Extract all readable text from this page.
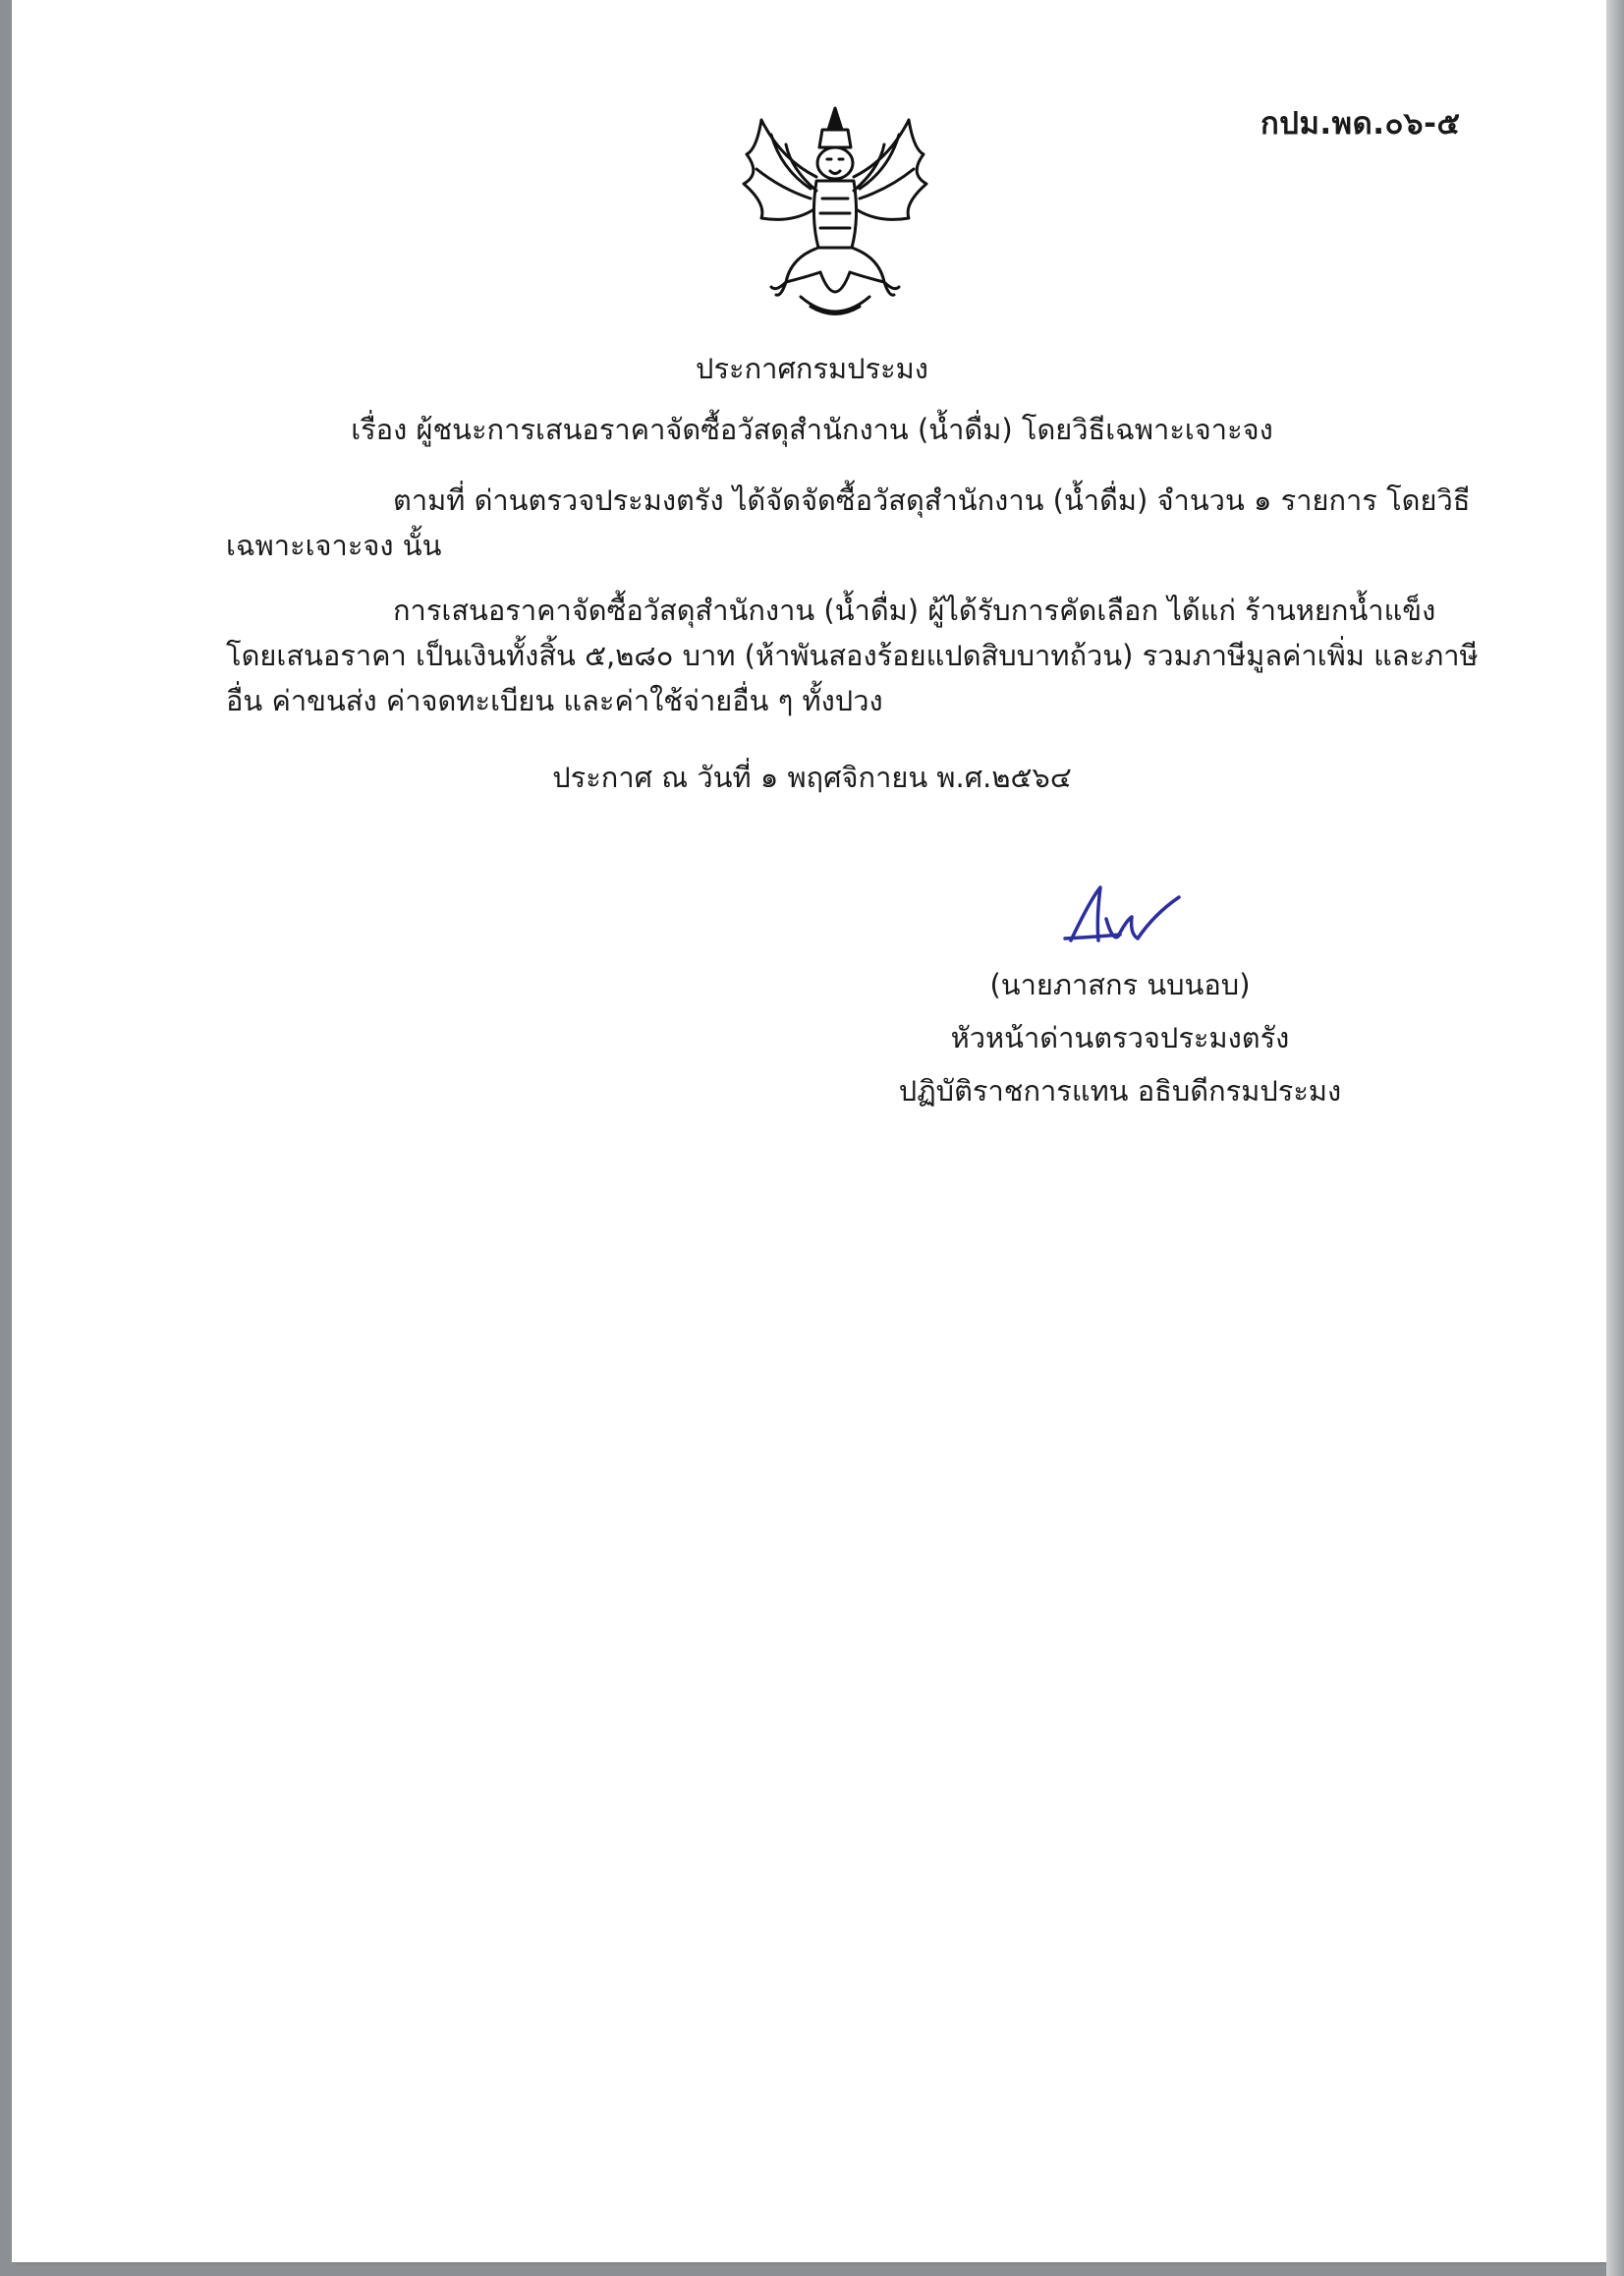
กปม.พด.๐๖-๕
ประกาศกรมประมง
เรื่อง ผู้ชนะการเสนอราคาจัดซื้อวัสดุสำนักงาน (น้ำดื่ม) โดยวิธีเฉพาะเจาะจง
ตามที่ ด่านตรวจประมงตรัง ได้จัดจัดซื้อวัสดุสำนักงาน (น้ำดื่ม) จำนวน ๑ รายการ โดยวิธีเฉพาะเจาะจง นั้น
การเสนอราคาจัดซื้อวัสดุสำนักงาน (น้ำดื่ม) ผู้ได้รับการคัดเลือก ได้แก่ ร้านหยกน้ำแข็ง โดยเสนอราคา เป็นเงินทั้งสิ้น ๕,๒๘๐ บาท (ห้าพันสองร้อยแปดสิบบาทถ้วน) รวมภาษีมูลค่าเพิ่ม และภาษีอื่น ค่าขนส่ง ค่าจดทะเบียน และค่าใช้จ่ายอื่น ๆ ทั้งปวง
ประกาศ ณ วันที่ ๑ พฤศจิกายน พ.ศ.๒๕๖๔
(นายภาสกร นบนอบ)
หัวหน้าด่านตรวจประมงตรัง
ปฏิบัติราชการแทน อธิบดีกรมประมง
